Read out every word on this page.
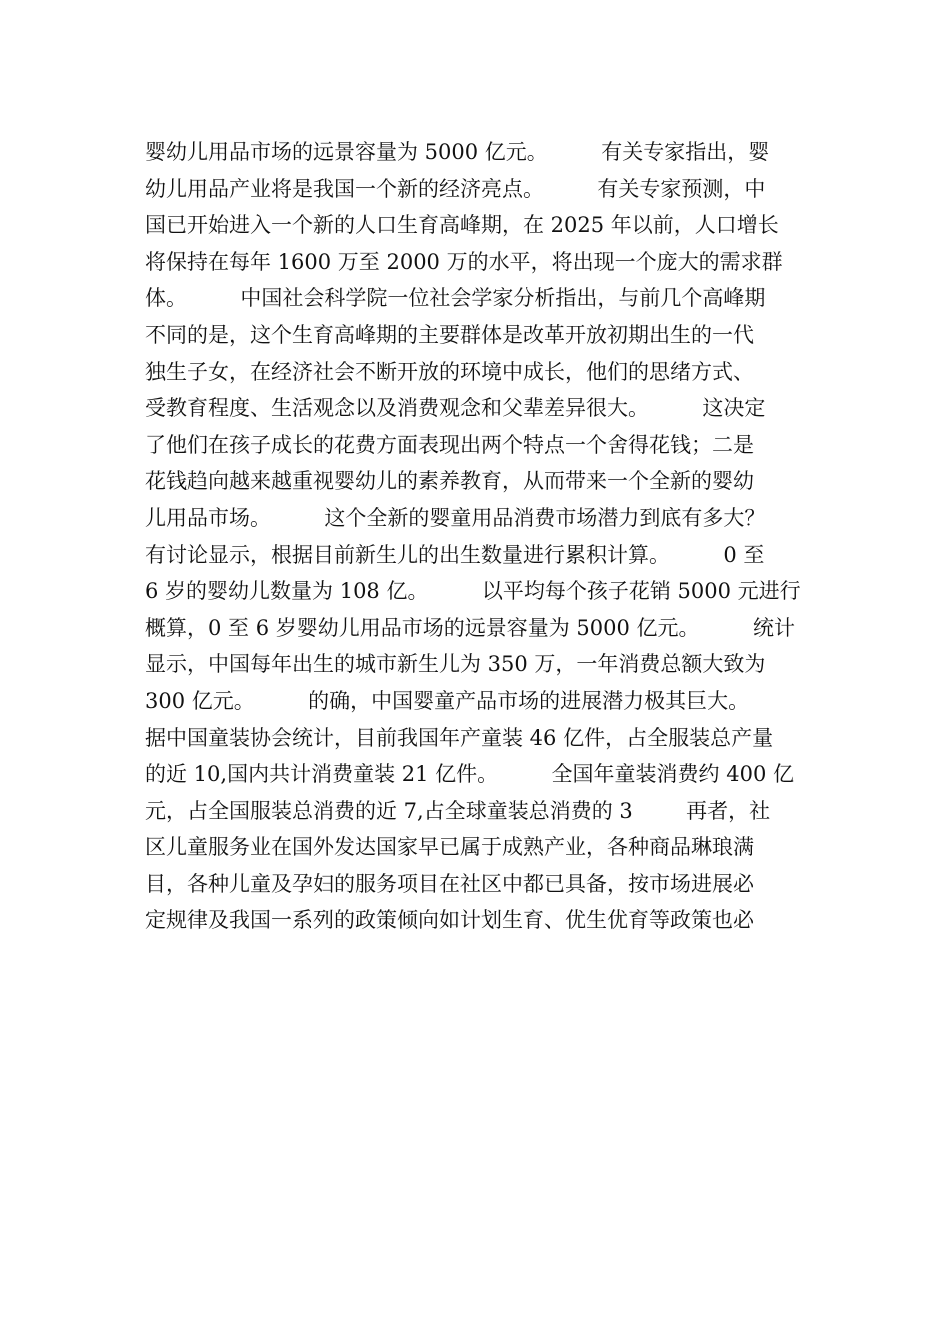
婴幼儿用品市场的远景容量为 5000 亿元。        有关专家指出，婴
幼儿用品产业将是我国一个新的经济亮点。        有关专家预测，中
国已开始进入一个新的人口生育高峰期，在 2025 年以前，人口增长
将保持在每年 1600 万至 2000 万的水平，将出现一个庞大的需求群
体。        中国社会科学院一位社会学家分析指出，与前几个高峰期
不同的是，这个生育高峰期的主要群体是改革开放初期出生的一代
独生子女，在经济社会不断开放的环境中成长，他们的思绪方式、
受教育程度、生活观念以及消费观念和父辈差异很大。        这决定
了他们在孩子成长的花费方面表现出两个特点一个舍得花钱；二是
花钱趋向越来越重视婴幼儿的素养教育，从而带来一个全新的婴幼
儿用品市场。        这个全新的婴童用品消费市场潜力到底有多大？
有讨论显示，根据目前新生儿的出生数量进行累积计算。        0 至
6 岁的婴幼儿数量为 108 亿。        以平均每个孩子花销 5000 元进行
概算，0 至 6 岁婴幼儿用品市场的远景容量为 5000 亿元。        统计
显示，中国每年出生的城市新生儿为 350 万，一年消费总额大致为
300 亿元。        的确，中国婴童产品市场的进展潜力极其巨大。
据中国童装协会统计，目前我国年产童装 46 亿件，占全服装总产量
的近 10,国内共计消费童装 21 亿件。        全国年童装消费约 400 亿
元，占全国服装总消费的近 7,占全球童装总消费的 3        再者，社
区儿童服务业在国外发达国家早已属于成熟产业，各种商品琳琅满
目，各种儿童及孕妇的服务项目在社区中都已具备，按市场进展必
定规律及我国一系列的政策倾向如计划生育、优生优育等政策也必
